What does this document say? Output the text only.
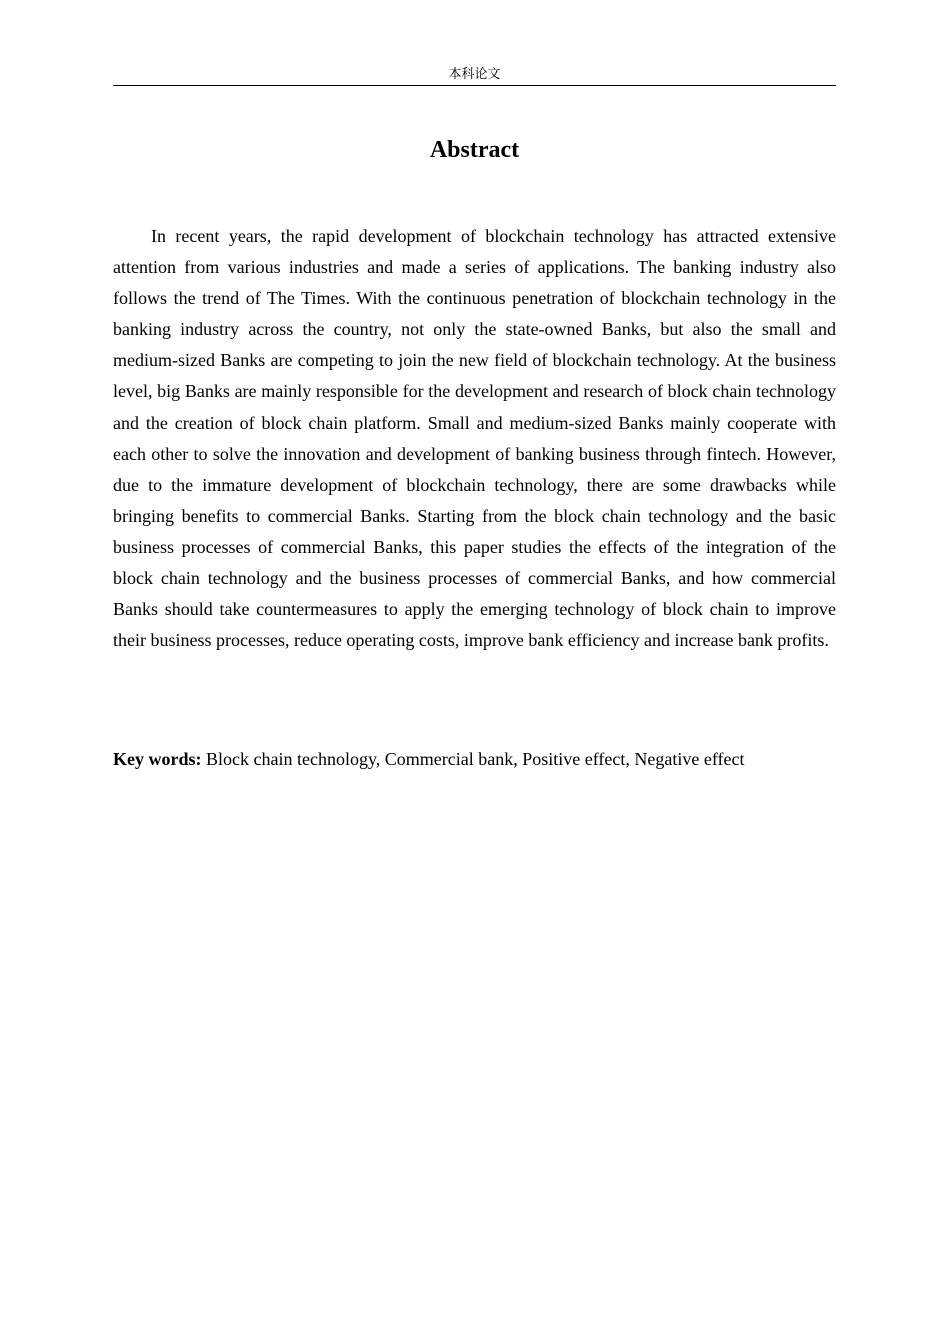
本科论文
Abstract

In recent years, the rapid development of blockchain technology has attracted extensive attention from various industries and made a series of applications. The banking industry also follows the trend of The Times. With the continuous penetration of blockchain technology in the banking industry across the country, not only the state-owned Banks, but also the small and medium-sized Banks are competing to join the new field of blockchain technology. At the business level, big Banks are mainly responsible for the development and research of block chain technology and the creation of block chain platform. Small and medium-sized Banks mainly cooperate with each other to solve the innovation and development of banking business through fintech. However, due to the immature development of blockchain technology, there are some drawbacks while bringing benefits to commercial Banks. Starting from the block chain technology and the basic business processes of commercial Banks, this paper studies the effects of the integration of the block chain technology and the business processes of commercial Banks, and how commercial Banks should take countermeasures to apply the emerging technology of block chain to improve their business processes, reduce operating costs, improve bank efficiency and increase bank profits.

Key words: Block chain technology, Commercial bank, Positive effect, Negative effect
